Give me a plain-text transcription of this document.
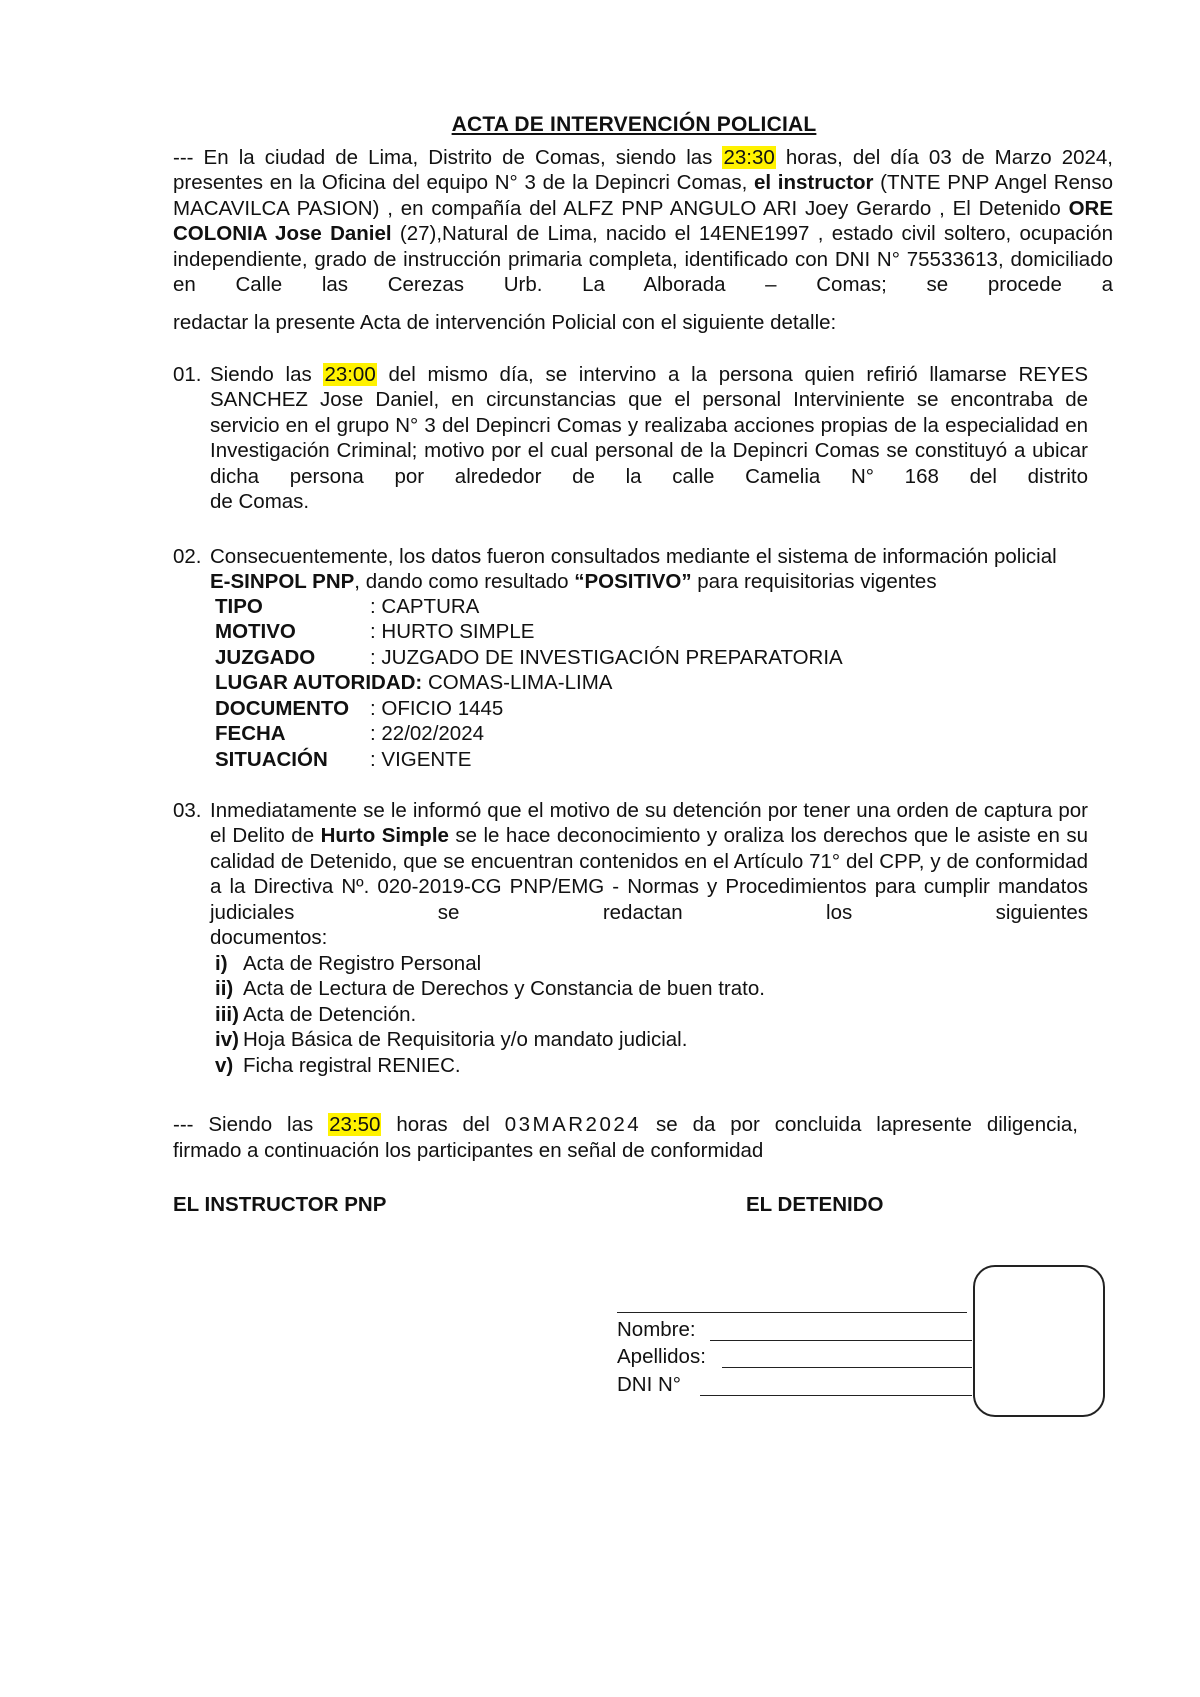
ACTA DE INTERVENCIÓN POLICIAL
--- En la ciudad de Lima, Distrito de Comas, siendo las 23:30 horas, del día 03 de Marzo 2024, presentes en la Oficina del equipo N° 3 de la Depincri Comas, el instructor (TNTE PNP Angel Renso MACAVILCA PASION) , en compañía del ALFZ PNP ANGULO ARI Joey Gerardo , El Detenido ORE COLONIA Jose Daniel (27),Natural de Lima, nacido el 14ENE1997 , estado civil soltero, ocupación independiente, grado de instrucción primaria completa, identificado con DNI N° 75533613, domiciliado en Calle las Cerezas Urb. La Alborada – Comas; se procede a
redactar la presente Acta de intervención Policial con el siguiente detalle:
01. Siendo las 23:00 del mismo día, se intervino a la persona quien refirió llamarse REYES SANCHEZ Jose Daniel, en circunstancias que el personal Interviniente se encontraba de servicio en el grupo N° 3 del Depincri Comas y realizaba acciones propias de la especialidad en Investigación Criminal; motivo por el cual personal de la Depincri Comas se constituyó a ubicar dicha persona por alrededor de la calle Camelia N° 168 del distrito
de Comas.
02. Consecuentemente, los datos fueron consultados mediante el sistema de información policial
E-SINPOL PNP, dando como resultado “POSITIVO” para requisitorias vigentes
TIPO	: CAPTURA
MOTIVO	: HURTO SIMPLE
JUZGADO	: JUZGADO DE INVESTIGACIÓN PREPARATORIA
LUGAR AUTORIDAD: COMAS-LIMA-LIMA
DOCUMENTO : OFICIO 1445
FECHA	: 22/02/2024
SITUACIÓN : VIGENTE
03. Inmediatamente se le informó que el motivo de su detención por tener una orden de captura por el Delito de Hurto Simple se le hace deconocimiento y oraliza los derechos que le asiste en su calidad de Detenido, que se encuentran contenidos en el Artículo 71° del CPP, y de conformidad a la Directiva Nº. 020-2019-CG PNP/EMG - Normas y Procedimientos para cumplir mandatos judiciales se redactan los siguientes
documentos:
i) Acta de Registro Personal
ii) Acta de Lectura de Derechos y Constancia de buen trato.
iii) Acta de Detención.
iv) Hoja Básica de Requisitoria y/o mandato judicial.
v) Ficha registral RENIEC.
--- Siendo las 23:50 horas del 03MAR2024 se da por concluida lapresente diligencia,
firmado a continuación los participantes en señal de conformidad
EL INSTRUCTOR PNP	EL DETENIDO
Nombre:
Apellidos:
DNI N°
